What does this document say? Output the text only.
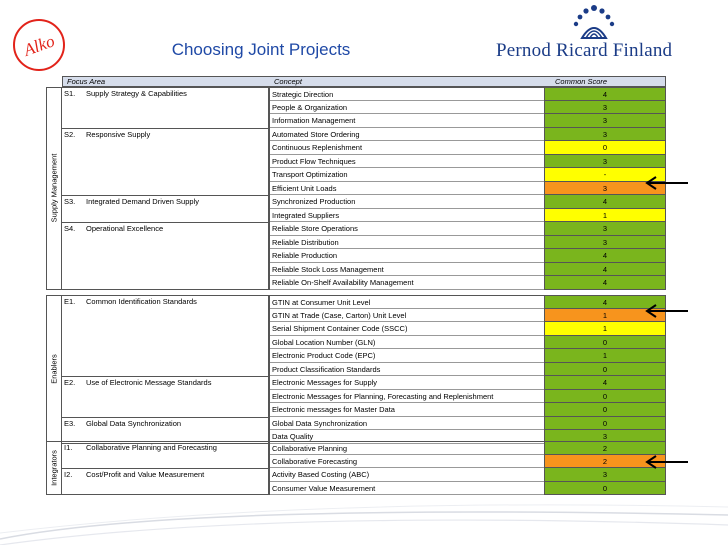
Alko	Choosing Joint Projects	Pernod Ricard Finland
Focus Area	Concept	Common Score
Supply Management
S1. Supply Strategy & Capabilities	Strategic Direction	4
People & Organization	3
Information Management	3
S2. Responsive Supply	Automated Store Ordering	3
Continuous Replenishment	0
Product Flow Techniques	3
Transport Optimization	-
Efficient Unit Loads	3
S3. Integrated Demand Driven Supply	Synchronized Production	4
Integrated Suppliers	1
S4. Operational Excellence	Reliable Store Operations	3
Reliable Distribution	3
Reliable Production	4
Reliable Stock Loss Management	4
Reliable On-Shelf Availability Management	4
Enablers
E1. Common Identification Standards	GTIN at Consumer Unit Level	4
GTIN at Trade (Case, Carton) Unit Level	1
Serial Shipment Container Code (SSCC)	1
Global Location Number (GLN)	0
Electronic Product Code (EPC)	1
Product Classification Standards	0
E2. Use of Electronic Message Standards	Electronic Messages for Supply	4
Electronic Messages for Planning, Forecasting and Replenishment	0
Electronic messages for Master Data	0
E3. Global Data Synchronization	Global Data Synchronization	0
Data Quality	3
Integrators
I1. Collaborative Planning and Forecasting	Collaborative Planning	2
Collaborative Forecasting	2
I2. Cost/Profit and Value Measurement	Activity Based Costing (ABC)	3
Consumer Value Measurement	0
